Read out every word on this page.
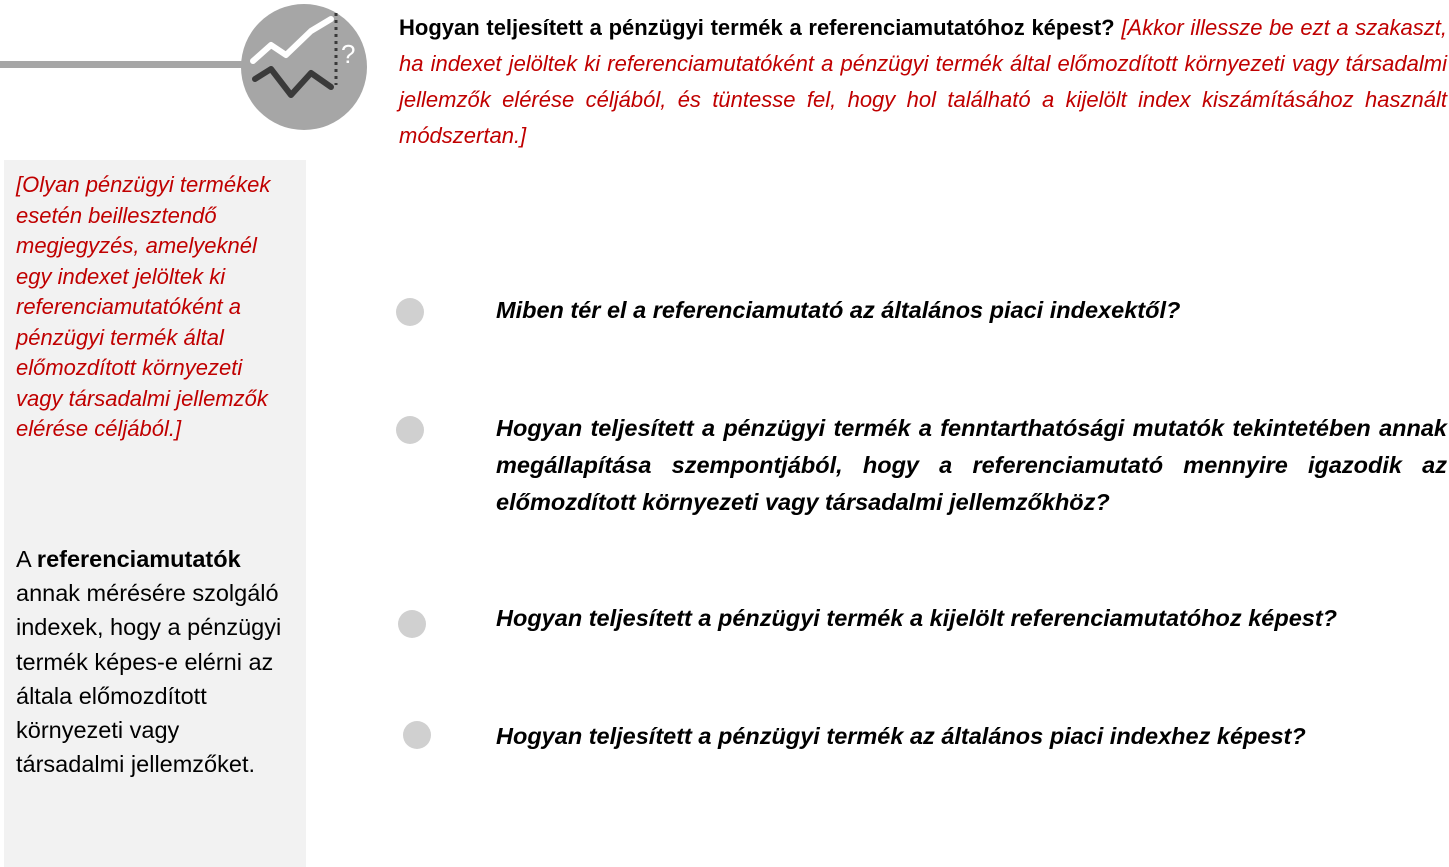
?
Hogyan teljesített a pénzügyi termék a referenciamutatóhoz képest? [Akkor illessze be ezt a szakaszt, ha indexet jelöltek ki referenciamutatóként a pénzügyi termék által előmozdított környezeti vagy társadalmi jellemzők elérése céljából, és tüntesse fel, hogy hol található a kijelölt index kiszámításához használt módszertan.]
[Olyan pénzügyi termékek esetén beillesztendő megjegyzés, amelyeknél egy indexet jelöltek ki referenciamutatóként a pénzügyi termék által előmozdított környezeti vagy társadalmi jellemzők elérése céljából.]
A referenciamutatók annak mérésére szolgáló indexek, hogy a pénzügyi termék képes-e elérni az általa előmozdított környezeti vagy társadalmi jellemzőket.
Miben tér el a referenciamutató az általános piaci indexektől?
Hogyan teljesített a pénzügyi termék a fenntarthatósági mutatók tekintetében annak megállapítása szempontjából, hogy a referenciamutató mennyire igazodik az előmozdított környezeti vagy társadalmi jellemzőkhöz?
Hogyan teljesített a pénzügyi termék a kijelölt referenciamutatóhoz képest?
Hogyan teljesített a pénzügyi termék az általános piaci indexhez képest?
